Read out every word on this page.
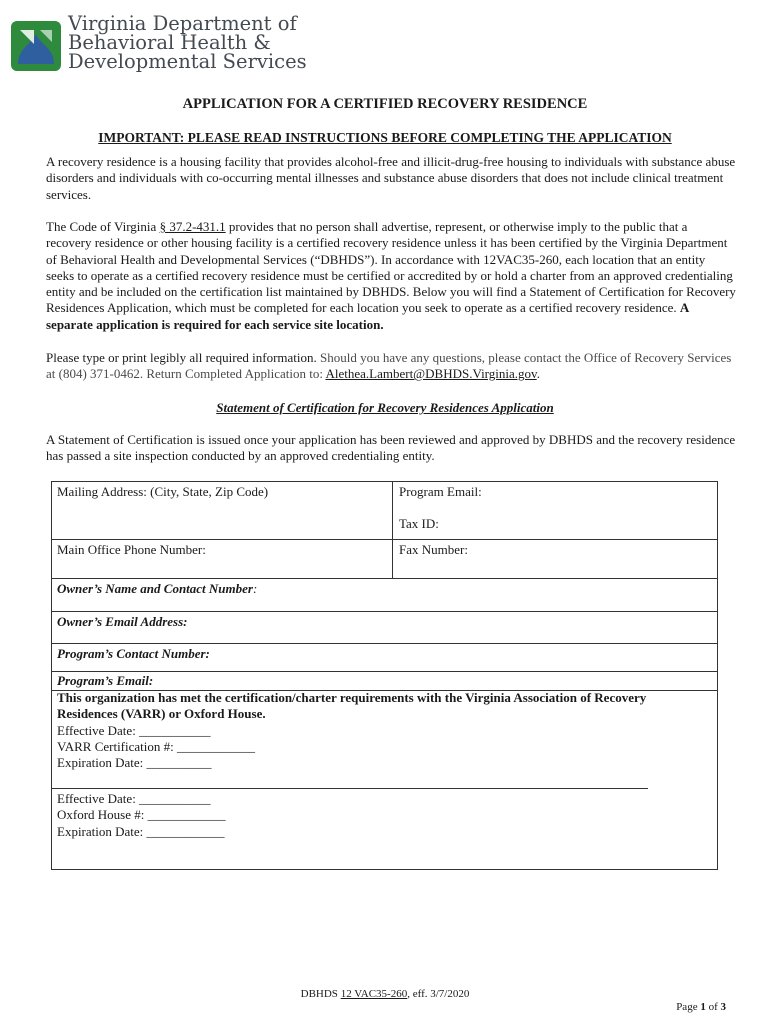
Virginia Department of
Behavioral Health &
Developmental Services
APPLICATION FOR A CERTIFIED RECOVERY RESIDENCE
IMPORTANT: PLEASE READ INSTRUCTIONS BEFORE COMPLETING THE APPLICATION
A recovery residence is a housing facility that provides alcohol-free and illicit-drug-free housing to individuals with substance abuse disorders and individuals with co-occurring mental illnesses and substance abuse disorders that does not include clinical treatment services.
The Code of Virginia § 37.2-431.1 provides that no person shall advertise, represent, or otherwise imply to the public that a recovery residence or other housing facility is a certified recovery residence unless it has been certified by the Virginia Department of Behavioral Health and Developmental Services (“DBHDS”). In accordance with 12VAC35-260, each location that an entity seeks to operate as a certified recovery residence must be certified or accredited by or hold a charter from an approved credentialing entity and be included on the certification list maintained by DBHDS. Below you will find a Statement of Certification for Recovery Residences Application, which must be completed for each location you seek to operate as a certified recovery residence. A separate application is required for each service site location.
Please type or print legibly all required information. Should you have any questions, please contact the Office of Recovery Services at (804) 371-0462. Return Completed Application to: Alethea.Lambert@DBHDS.Virginia.gov.
Statement of Certification for Recovery Residences Application
A Statement of Certification is issued once your application has been reviewed and approved by DBHDS and the recovery residence has passed a site inspection conducted by an approved credentialing entity.
Mailing Address: (City, State, Zip Code)	Program Email:
Tax ID:
Main Office Phone Number:	Fax Number:
Owner’s Name and Contact Number:
Owner’s Email Address:
Program’s Contact Number:
Program’s Email:
This organization has met the certification/charter requirements with the Virginia Association of Recovery Residences (VARR) or Oxford House.
Effective Date: ___________
VARR Certification #: ____________
Expiration Date: __________
Effective Date: ___________
Oxford House #: ____________
Expiration Date: ____________
DBHDS 12 VAC35-260, eff. 3/7/2020
Page 1 of 3
